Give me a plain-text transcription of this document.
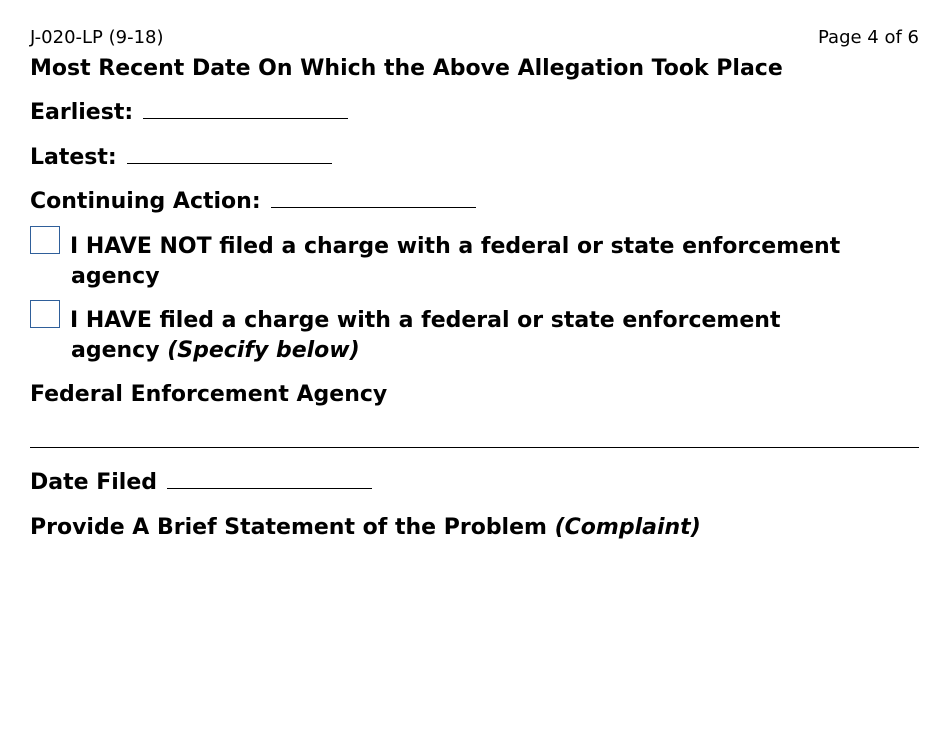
J-020-LP (9-18)	Page 4 of 6
Most Recent Date On Which the Above Allegation Took Place
Earliest:
Latest:
Continuing Action:
I HAVE NOT filed a charge with a federal or state enforcement
agency
I HAVE filed a charge with a federal or state enforcement
agency (Specify below)
Federal Enforcement Agency
Date Filed
Provide A Brief Statement of the Problem (Complaint)
